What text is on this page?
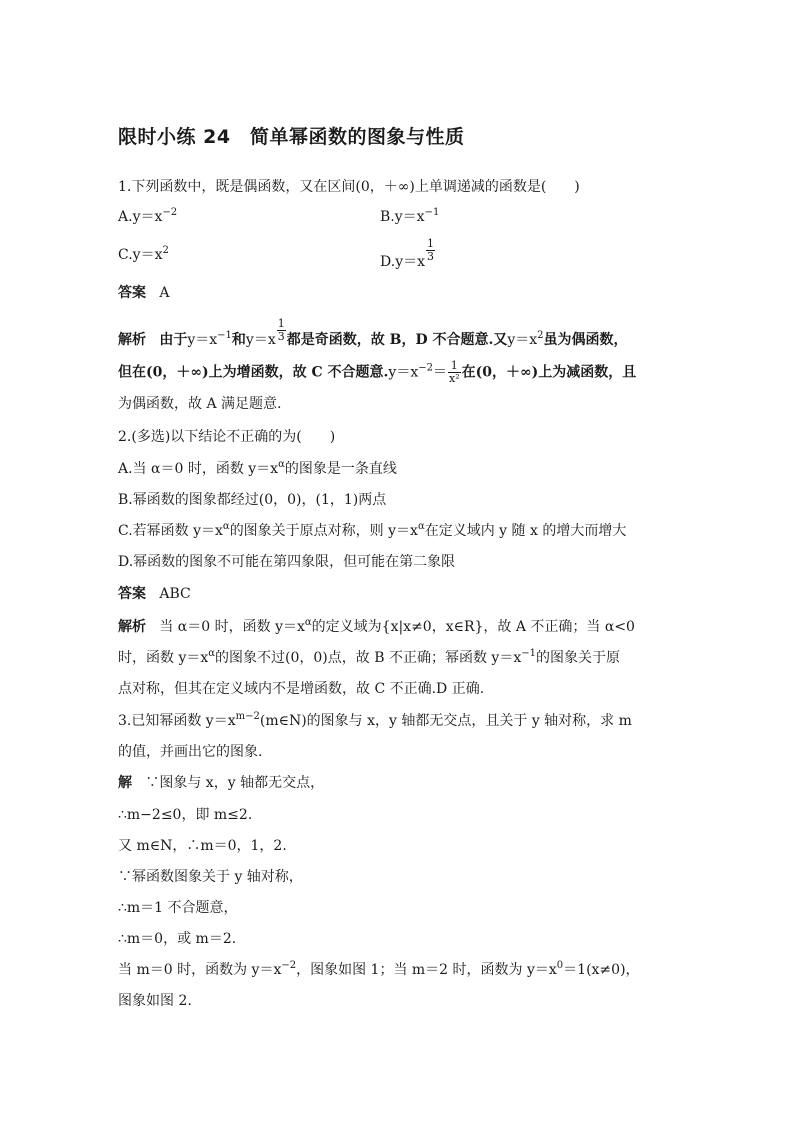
限时小练 24　简单幂函数的图象与性质
1.下列函数中，既是偶函数，又在区间(0，＋∞)上单调递减的函数是(　　)
$A.y=x^{-2}$	$B.y=x^{-1}$
$C.y=x^2$
$D.y=x \frac{1}{3}$
答案 A
解析 由于$y=x^{-1}$和$y=x \frac{1}{3}$ 都是奇函数，故 B，D 不合题意.又$y=x^2$虽为偶函数，
但在(0，＋∞)上为增函数，故 C 不合题意$.y=x^{-2}= \frac{1}{\text{x²}}$ 在(0，＋∞)上为减函数，且
为偶函数，故 A 满足题意.
2.(多选)以下结论不正确的为(　　)
A.当 α＝0 时，函数 $y=x^\alpha$的图象是一条直线
B.幂函数的图象都经过(0，0)，(1，1)两点
C.若幂函数 $y=x^\alpha$的图象关于原点对称，则 $y=x^\alpha$在定义域内 y 随 x 的增大而增大
D.幂函数的图象不可能在第四象限，但可能在第二象限
答案 ABC
解析 当 α＝0 时，函数 $y=x^\alpha$的定义域为{x|x≠0，x∈R}，故 A 不正确；当 α<0
时，函数 $y=x^\alpha$的图象不过(0，0)点，故 B 不正确；幂函数 $y=x^{-1}$的图象关于原
点对称，但其在定义域内不是增函数，故 C 不正确.D 正确.
3.已知幂函数 $y=x^{m-2}(m\in N)$的图象与 x，y 轴都无交点，且关于 y 轴对称，求 m
的值，并画出它的图象.
解 ∵图象与 x，y 轴都无交点，
∴m−2≤0，即 m≤2.
又 m∈N，∴m＝0，1，2.
∵幂函数图象关于 y 轴对称，
∴m＝1 不合题意，
∴m＝0，或 m＝2.
当 m＝0 时，函数为 $y=x^{-2}$，图象如图 1；当 m＝2 时，函数为 $y=x^0=1(x\ne 0)$，
图象如图 2.
